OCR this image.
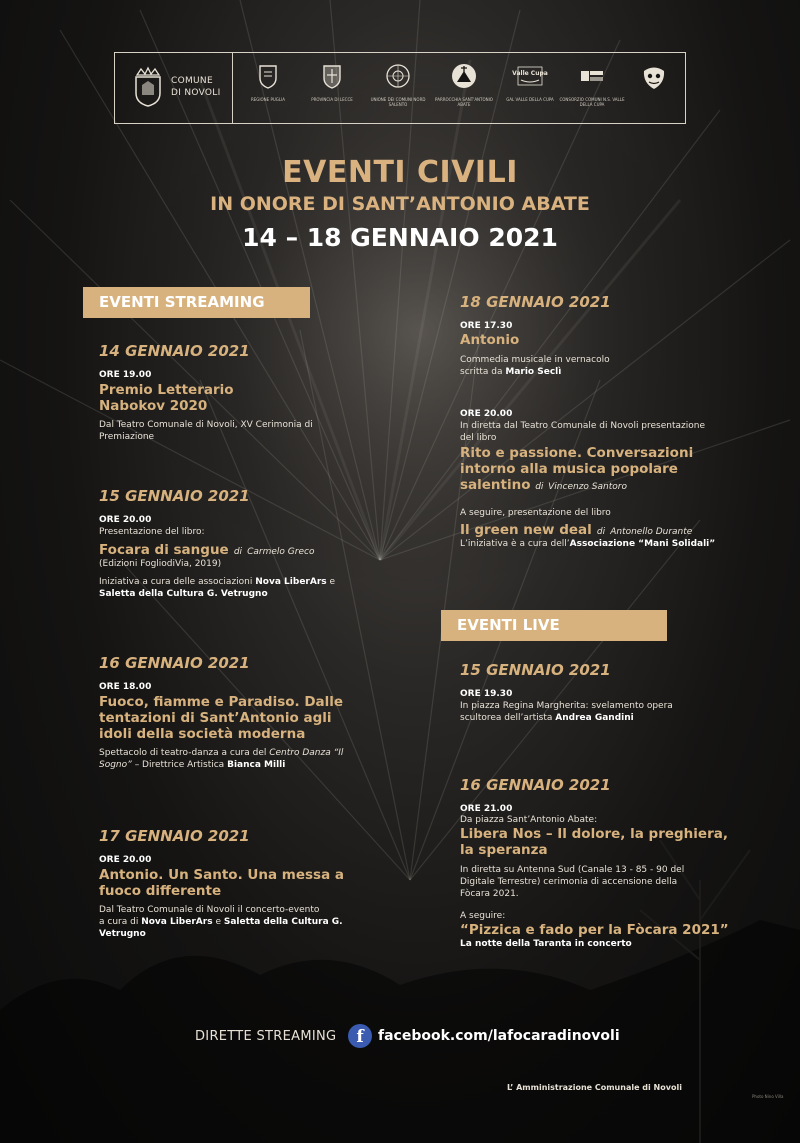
COMUNE
DI NOVOLI
REGIONE PUGLIA	PROVINCIA DI LECCE	UNIONE DEI COMUNI NORD SALENTO
PARROCCHIA SANT'ANTONIO ABATE
Valle Cupa
GAL VALLE DELLA CUPA	CONSORZIO COMUNI N.S. VALLE DELLA CUPA
EVENTI CIVILI
IN ONORE DI SANT’ANTONIO ABATE
14 – 18 GENNAIO 2021
EVENTI STREAMING
14 GENNAIO 2021
ORE 19.00
Premio Letterario
Nabokov 2020
Dal Teatro Comunale di Novoli, XV Cerimonia di
Premiazione
15 GENNAIO 2021
ORE 20.00
Presentazione del libro:
Focara di sangue di Carmelo Greco
(Edizioni FogliodiVia, 2019)
Iniziativa a cura delle associazioni Nova LiberArs e
Saletta della Cultura G. Vetrugno
16 GENNAIO 2021
ORE 18.00
Fuoco, fiamme e Paradiso. Dalle
tentazioni di Sant’Antonio agli
idoli della società moderna
Spettacolo di teatro-danza a cura del Centro Danza “Il
Sogno” – Direttrice Artistica Bianca Milli
17 GENNAIO 2021
ORE 20.00
Antonio. Un Santo. Una messa a
fuoco differente
Dal Teatro Comunale di Novoli il concerto-evento
a cura di Nova LiberArs e Saletta della Cultura G.
Vetrugno
18 GENNAIO 2021
ORE 17.30
Antonio
Commedia musicale in vernacolo
scritta da Mario Seclì
ORE 20.00
In diretta dal Teatro Comunale di Novoli presentazione
del libro
Rito e passione. Conversazioni
intorno alla musica popolare
salentino di Vincenzo Santoro
A seguire, presentazione del libro
Il green new deal di Antonello Durante
L’iniziativa è a cura dell’Associazione “Mani Solidali”
EVENTI LIVE
15 GENNAIO 2021
ORE 19.30
In piazza Regina Margherita: svelamento opera
scultorea dell’artista Andrea Gandini
16 GENNAIO 2021
ORE 21.00
Da piazza Sant’Antonio Abate:
Libera Nos – Il dolore, la preghiera,
la speranza
In diretta su Antenna Sud (Canale 13 - 85 - 90 del
Digitale Terrestre) cerimonia di accensione della
Fòcara 2021.
A seguire:
“Pizzica e fado per la Fòcara 2021”
La notte della Taranta in concerto
DIRETTE STREAMING	f	facebook.com/lafocaradinovoli
L’ Amministrazione Comunale di Novoli
Photo Nino Villa
